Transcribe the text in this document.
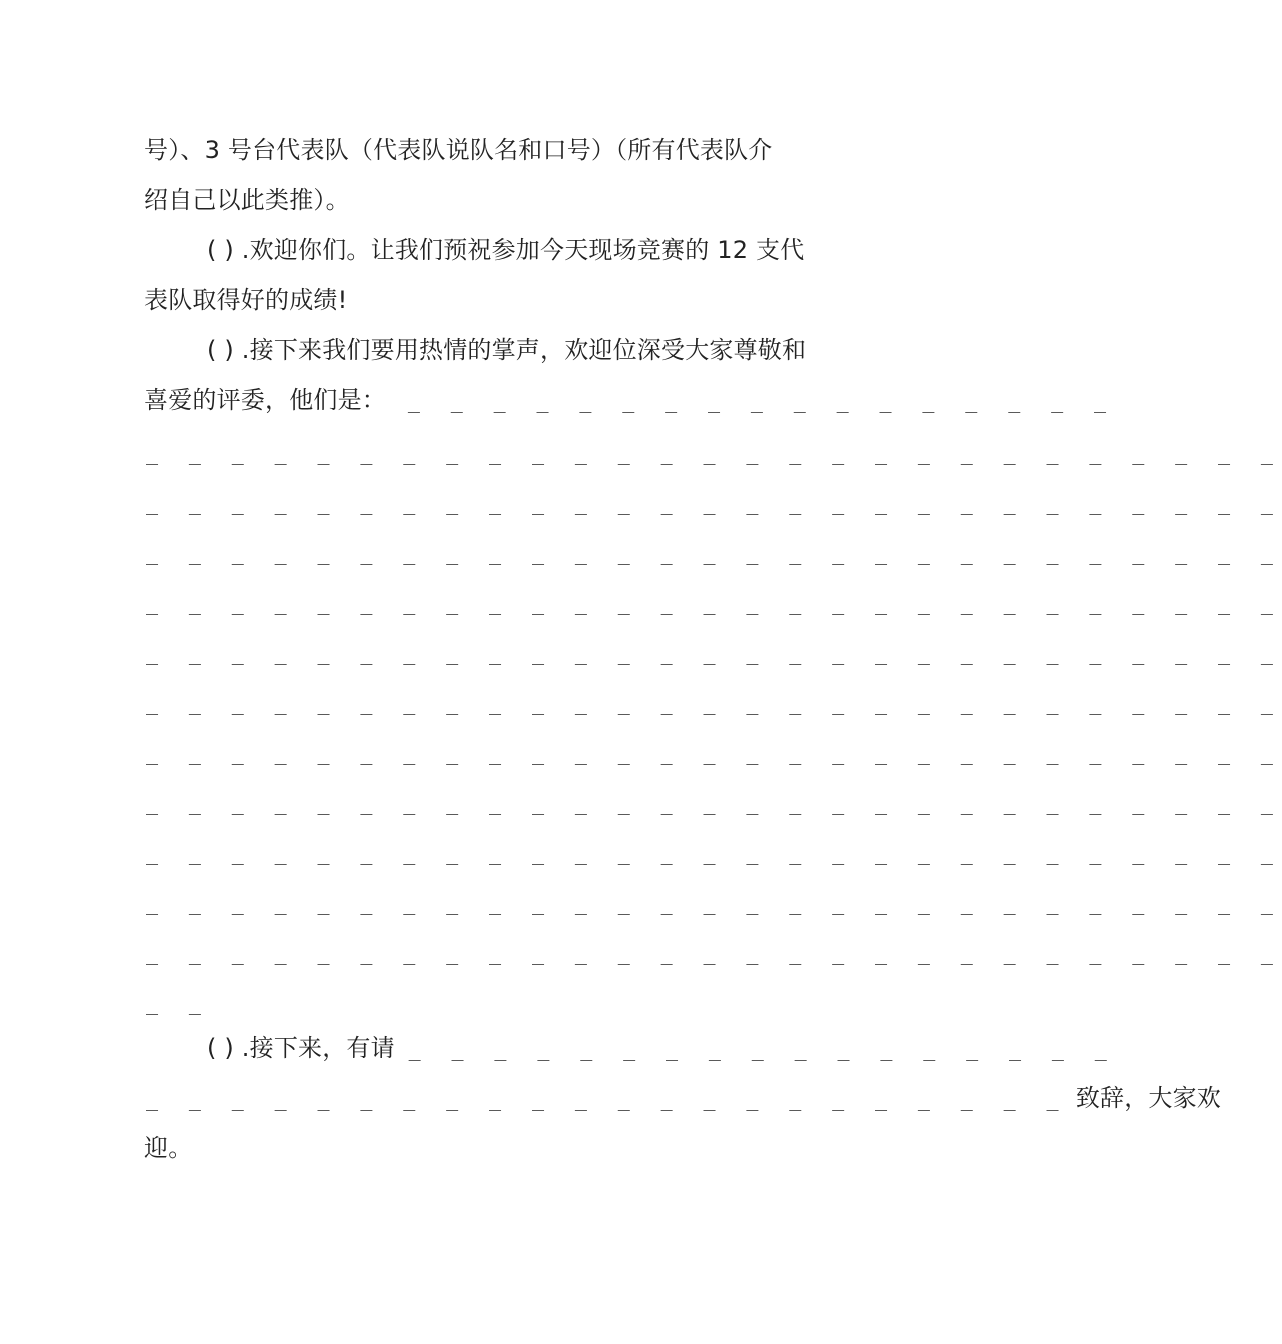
号）、3 号台代表队（代表队说队名和口号）（所有代表队介
绍自己以此类推）。
( ) .欢迎你们。让我们预祝参加今天现场竞赛的 12 支代
表队取得好的成绩!
( ) .接下来我们要用热情的掌声，欢迎位深受大家尊敬和
喜爱的评委，他们是： _ _ _ _ _ _ _ _ _ _ _ _ _ _ _ _ _
_ _ _ _ _ _ _ _ _ _ _ _ _ _ _ _ _ _ _ _ _ _ _ _ _ _ _
_ _ _ _ _ _ _ _ _ _ _ _ _ _ _ _ _ _ _ _ _ _ _ _ _ _ _
_ _ _ _ _ _ _ _ _ _ _ _ _ _ _ _ _ _ _ _ _ _ _ _ _ _ _
_ _ _ _ _ _ _ _ _ _ _ _ _ _ _ _ _ _ _ _ _ _ _ _ _ _ _
_ _ _ _ _ _ _ _ _ _ _ _ _ _ _ _ _ _ _ _ _ _ _ _ _ _ _
_ _ _ _ _ _ _ _ _ _ _ _ _ _ _ _ _ _ _ _ _ _ _ _ _ _ _
_ _ _ _ _ _ _ _ _ _ _ _ _ _ _ _ _ _ _ _ _ _ _ _ _ _ _
_ _ _ _ _ _ _ _ _ _ _ _ _ _ _ _ _ _ _ _ _ _ _ _ _ _ _
_ _ _ _ _ _ _ _ _ _ _ _ _ _ _ _ _ _ _ _ _ _ _ _ _ _ _
_ _ _ _ _ _ _ _ _ _ _ _ _ _ _ _ _ _ _ _ _ _ _ _ _ _ _
_ _ _ _ _ _ _ _ _ _ _ _ _ _ _ _ _ _ _ _ _ _ _ _ _ _ _
_ _
( ) .接下来，有请 _ _ _ _ _ _ _ _ _ _ _ _ _ _ _ _ _
_ _ _ _ _ _ _ _ _ _ _ _ _ _ _ _ _ _ _ _ _ _ 致辞，大家欢
迎。
